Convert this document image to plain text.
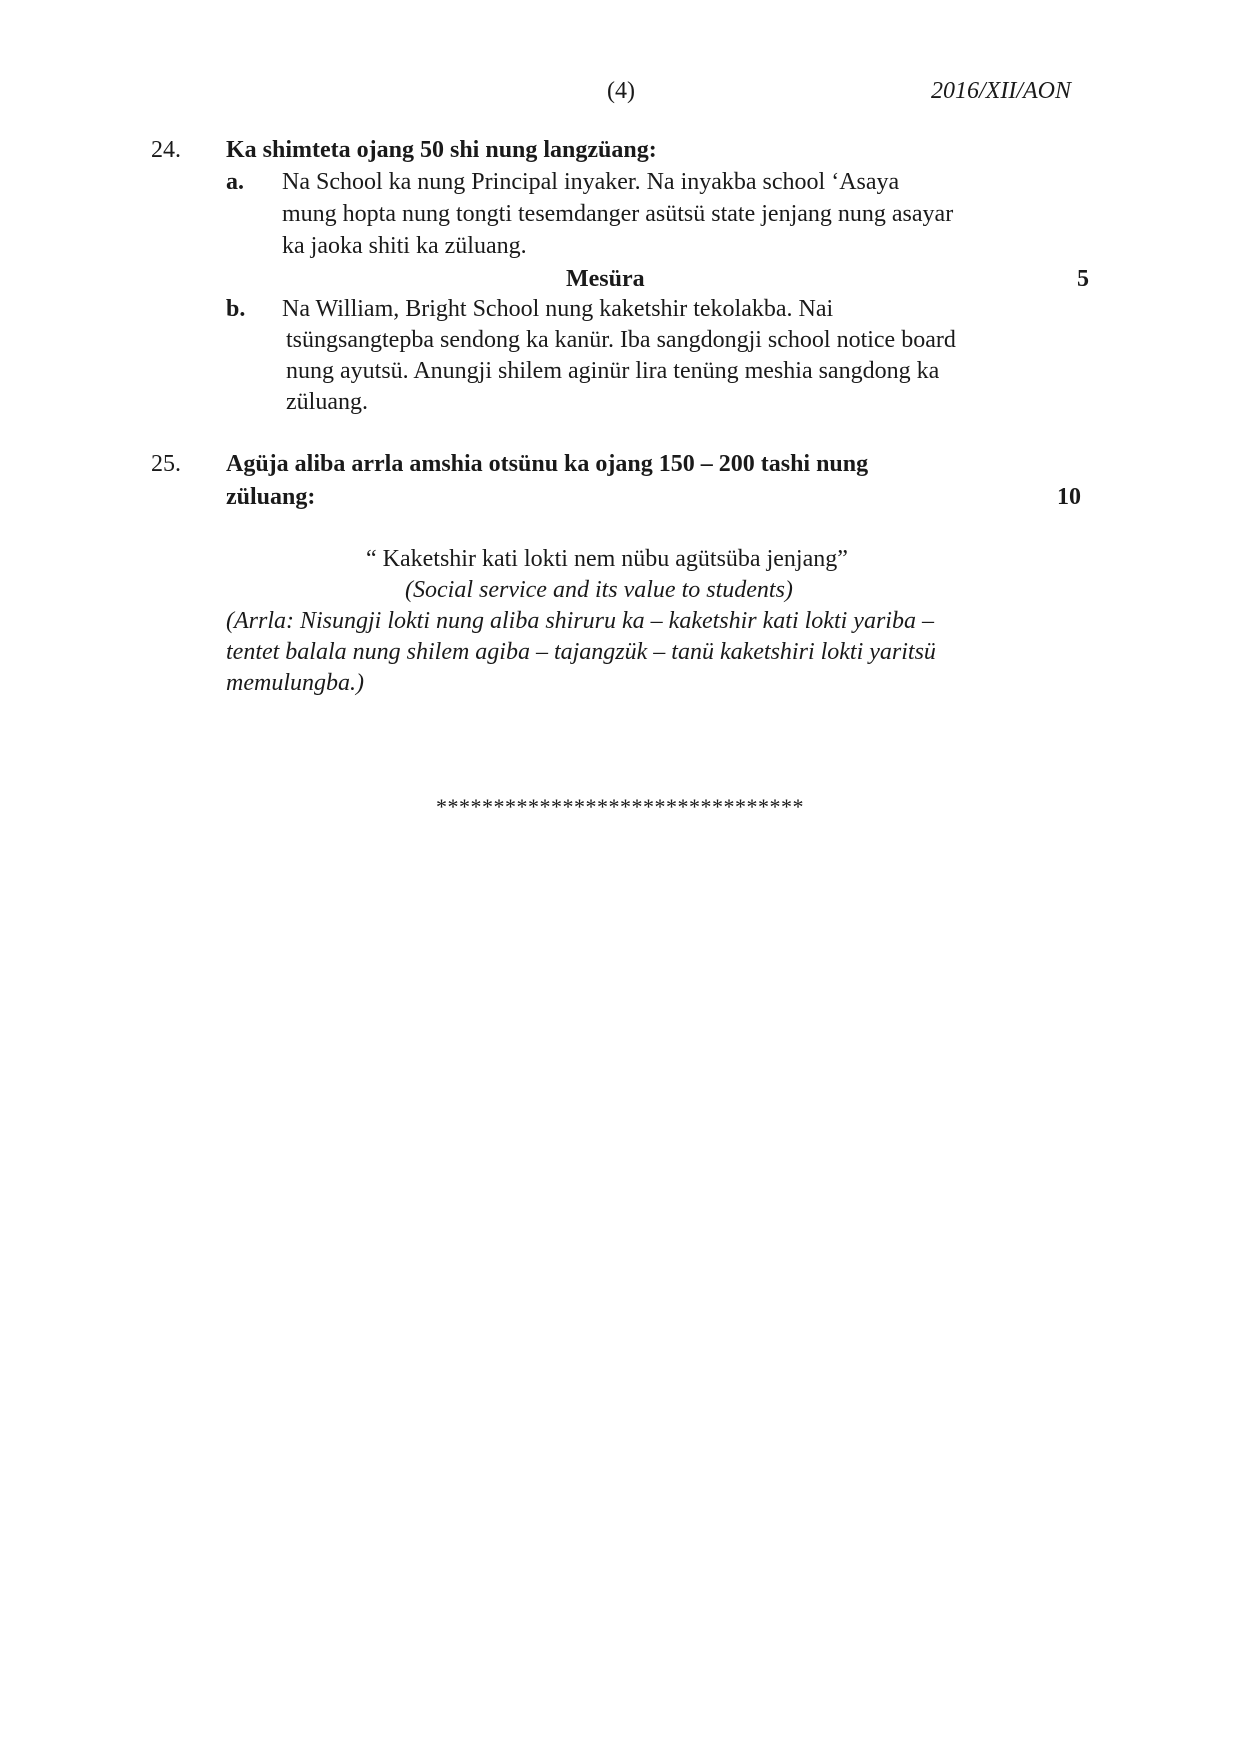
(4)	2016/XII/AON
24. Ka shimteta ojang 50 shi nung langzüang:
a. Na School ka nung Principal inyaker. Na inyakba school ‘Asaya
mung hopta nung tongti tesemdanger asütsü state jenjang nung asayar
ka jaoka shiti ka züluang.
Mesüra	5
b. Na William, Bright School nung kaketshir tekolakba. Nai
tsüngsangtepba sendong ka kanür. Iba sangdongji school notice board
nung ayutsü. Anungji shilem aginür lira tenüng meshia sangdong ka
züluang.
25. Agüja aliba arrla amshia otsünu ka ojang 150 – 200 tashi nung
züluang:	10
“ Kaketshir kati lokti nem nübu agütsüba jenjang”
(Social service and its value to students)
(Arrla: Nisungji lokti nung aliba shiruru ka – kaketshir kati lokti yariba –
tentet balala nung shilem agiba – tajangzük – tanü kaketshiri lokti yaritsü
memulungba.)
********************************
